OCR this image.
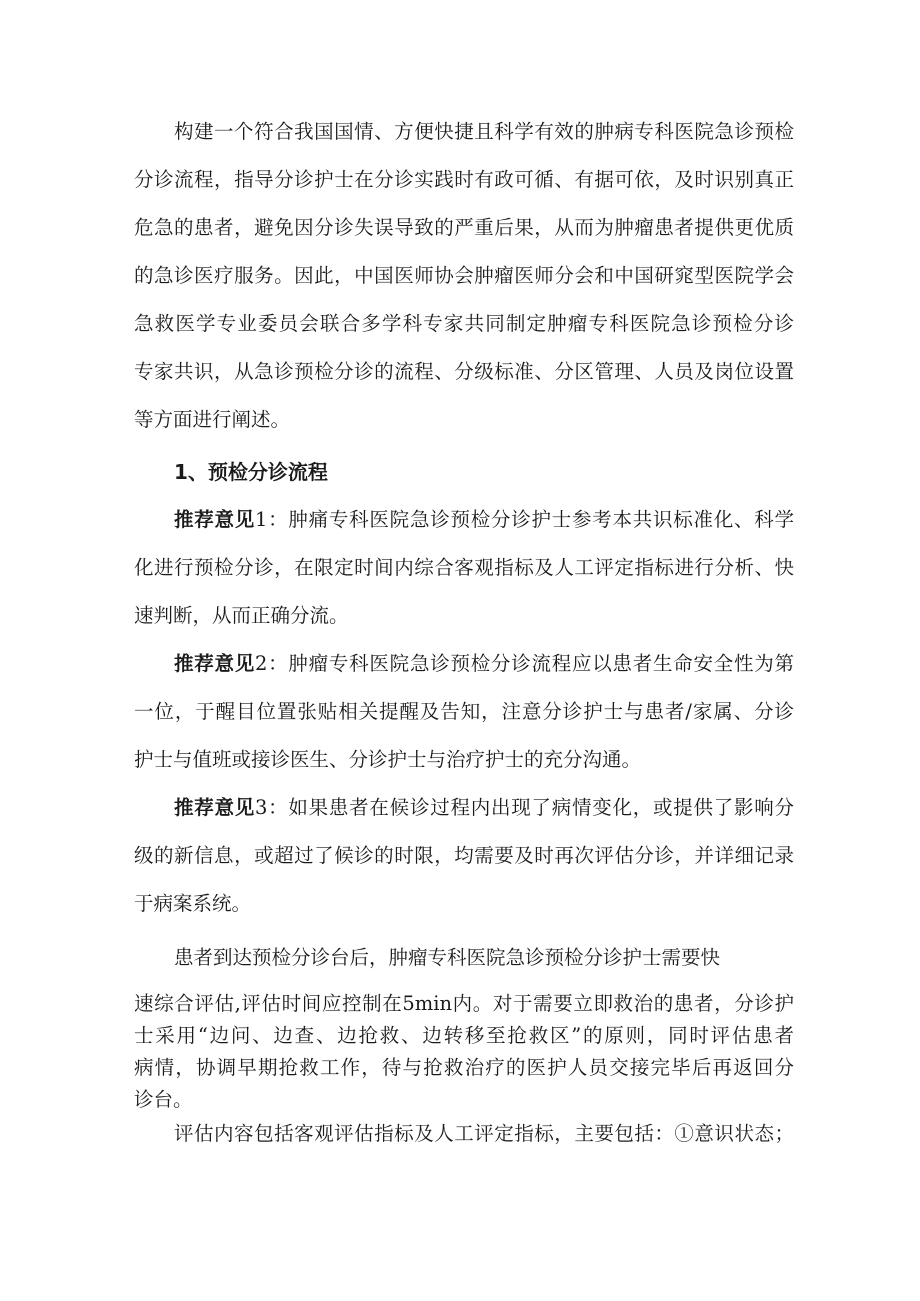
构建一个符合我国国情、方便快捷且科学有效的肿病专科医院急诊预检
分诊流程，指导分诊护士在分诊实践时有政可循、有据可依，及时识别真正
危急的患者，避免因分诊失误导致的严重后果，从而为肿瘤患者提供更优质
的急诊医疗服务。因此，中国医师协会肿瘤医师分会和中国研窕型医院学会
急救医学专业委员会联合多学科专家共同制定肿瘤专科医院急诊预检分诊
专家共识，从急诊预检分诊的流程、分级标准、分区管理、人员及岗位设置
等方面进行阐述。

1、预检分诊流程

推荐意见1：肿痛专科医院急诊预检分诊护士参考本共识标准化、科学
化进行预检分诊，在限定时间内综合客观指标及人工评定指标进行分析、快
速判断，从而正确分流。

推荐意见2：肿瘤专科医院急诊预检分诊流程应以患者生命安全性为第
一位，于醒目位置张贴相关提醒及告知，注意分诊护士与患者/家属、分诊
护士与值班或接诊医生、分诊护士与治疗护士的充分沟通。

推荐意见3：如果患者在候诊过程内出现了病情变化，或提供了影响分
级的新信息，或超过了候诊的时限，均需要及时再次评估分诊，并详细记录
于病案系统。

患者到达预检分诊台后，肿瘤专科医院急诊预检分诊护士需要快

速综合评估,评估时间应控制在5min内。对于需要立即救治的患者，分诊护
士采用“边问、边查、边抢救、边转移至抢救区”的原则，同时评估患者
病情，协调早期抢救工作，待与抢救治疗的医护人员交接完毕后再返回分
诊台。

评估内容包括客观评估指标及人工评定指标，主要包括：①意识状态；
